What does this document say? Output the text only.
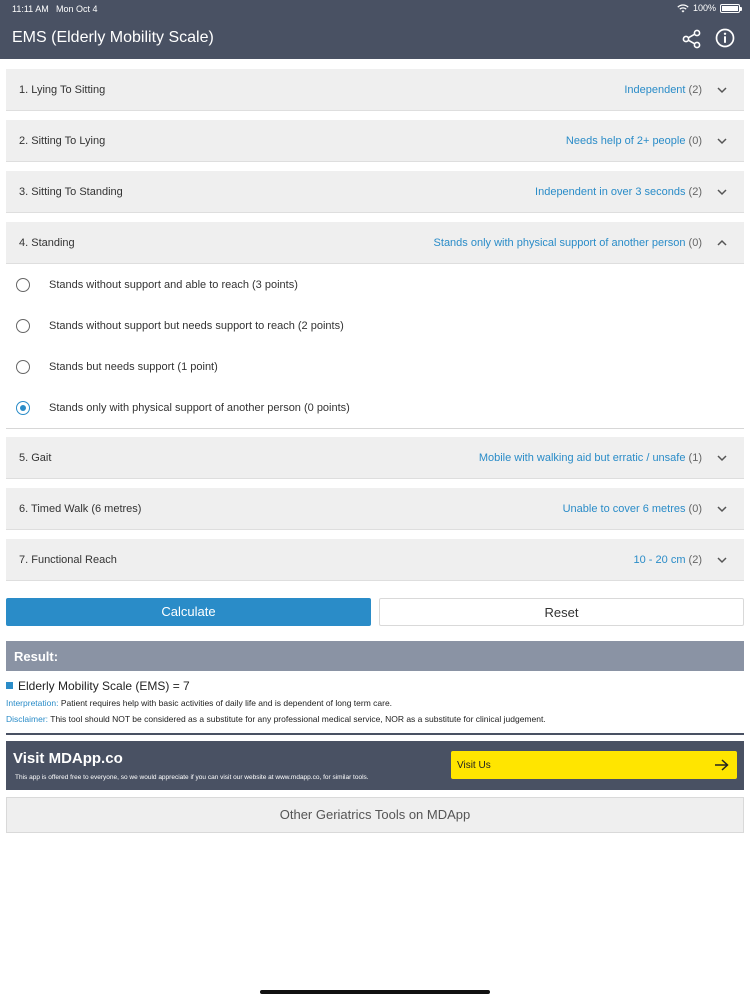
11:11 AM Mon Oct 4	100%
EMS (Elderly Mobility Scale)
1. Lying To Sitting	Independent (2)
2. Sitting To Lying	Needs help of 2+ people (0)
3. Sitting To Standing	Independent in over 3 seconds (2)
4. Standing	Stands only with physical support of another person (0)
Stands without support and able to reach (3 points)
Stands without support but needs support to reach (2 points)
Stands but needs support (1 point)
Stands only with physical support of another person (0 points)
5. Gait	Mobile with walking aid but erratic / unsafe (1)
6. Timed Walk (6 metres)	Unable to cover 6 metres (0)
7. Functional Reach	10 - 20 cm (2)
Calculate	Reset
Result:
Elderly Mobility Scale (EMS) = 7
Interpretation: Patient requires help with basic activities of daily life and is dependent of long term care.
Disclaimer: This tool should NOT be considered as a substitute for any professional medical service, NOR as a substitute for clinical judgement.
Visit MDApp.co
This app is offered free to everyone, so we would appreciate if you can visit our website at www.mdapp.co, for similar tools.
Visit Us
Other Geriatrics Tools on MDApp
